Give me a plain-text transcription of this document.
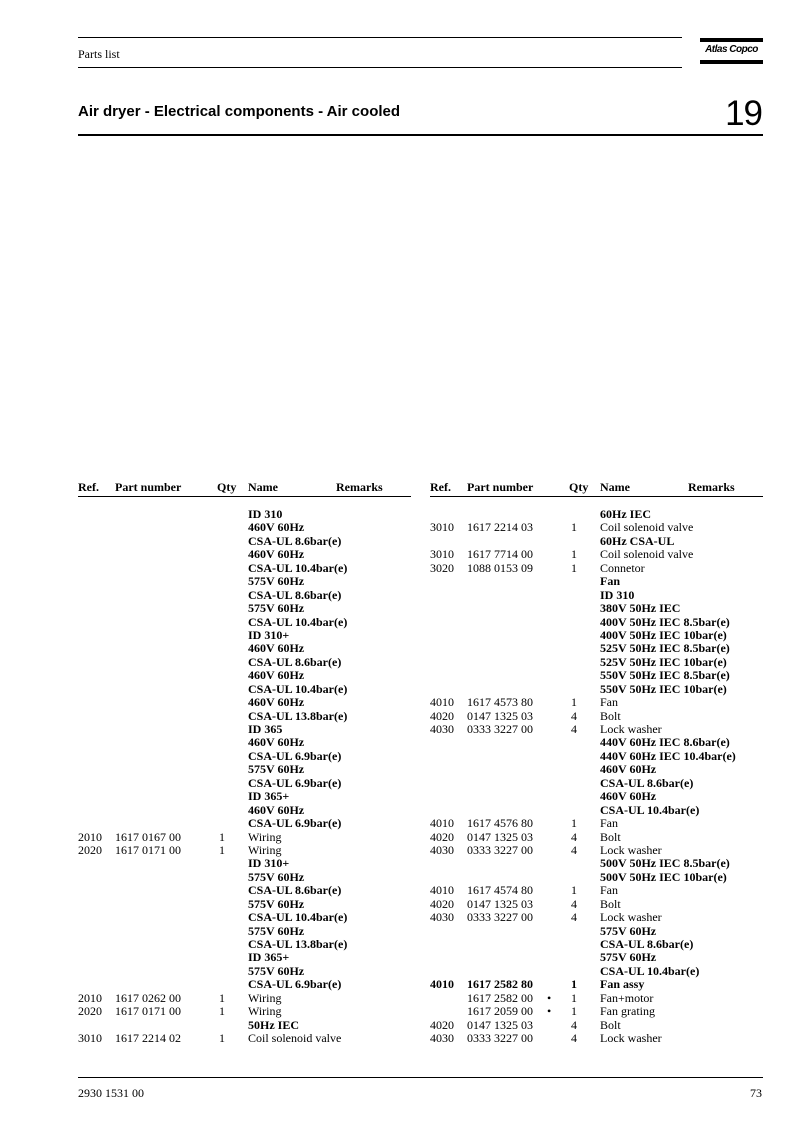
Parts list	Atlas Copco
Air dryer - Electrical components - Air cooled	19
Ref. Part number	Qty Name	Remarks
ID 310
460V 60Hz
CSA-UL 8.6bar(e)
460V 60Hz
CSA-UL 10.4bar(e)
575V 60Hz
CSA-UL 8.6bar(e)
575V 60Hz
CSA-UL 10.4bar(e)
ID 310+
460V 60Hz
CSA-UL 8.6bar(e)
460V 60Hz
CSA-UL 10.4bar(e)
460V 60Hz
CSA-UL 13.8bar(e)
ID 365
460V 60Hz
CSA-UL 6.9bar(e)
575V 60Hz
CSA-UL 6.9bar(e)
ID 365+
460V 60Hz
CSA-UL 6.9bar(e)
2010 1617 0167 00	1 Wiring
2020 1617 0171 00	1 Wiring
ID 310+
575V 60Hz
CSA-UL 8.6bar(e)
575V 60Hz
CSA-UL 10.4bar(e)
575V 60Hz
CSA-UL 13.8bar(e)
ID 365+
575V 60Hz
CSA-UL 6.9bar(e)
2010 1617 0262 00	1 Wiring
2020 1617 0171 00	1 Wiring
50Hz IEC
3010 1617 2214 02	1 Coil solenoid valve
Ref. Part number	Qty Name	Remarks
60Hz IEC
3010 1617 2214 03	1 Coil solenoid valve
60Hz CSA-UL
3010 1617 7714 00	1 Coil solenoid valve
3020 1088 0153 09	1 Connetor
Fan
ID 310
380V 50Hz IEC
400V 50Hz IEC 8.5bar(e)
400V 50Hz IEC 10bar(e)
525V 50Hz IEC 8.5bar(e)
525V 50Hz IEC 10bar(e)
550V 50Hz IEC 8.5bar(e)
550V 50Hz IEC 10bar(e)
4010 1617 4573 80	1 Fan
4020 0147 1325 03	4 Bolt
4030 0333 3227 00	4 Lock washer
440V 60Hz IEC 8.6bar(e)
440V 60Hz IEC 10.4bar(e)
460V 60Hz
CSA-UL 8.6bar(e)
460V 60Hz
CSA-UL 10.4bar(e)
4010 1617 4576 80	1 Fan
4020 0147 1325 03	4 Bolt
4030 0333 3227 00	4 Lock washer
500V 50Hz IEC 8.5bar(e)
500V 50Hz IEC 10bar(e)
4010 1617 4574 80	1 Fan
4020 0147 1325 03	4 Bolt
4030 0333 3227 00	4 Lock washer
575V 60Hz
CSA-UL 8.6bar(e)
575V 60Hz
CSA-UL 10.4bar(e)
4010 1617 2582 80	1 Fan assy
1617 2582 00 • 1 Fan+motor
1617 2059 00 • 1 Fan grating
4020 0147 1325 03	4 Bolt
4030 0333 3227 00	4 Lock washer
2930 1531 00	73
